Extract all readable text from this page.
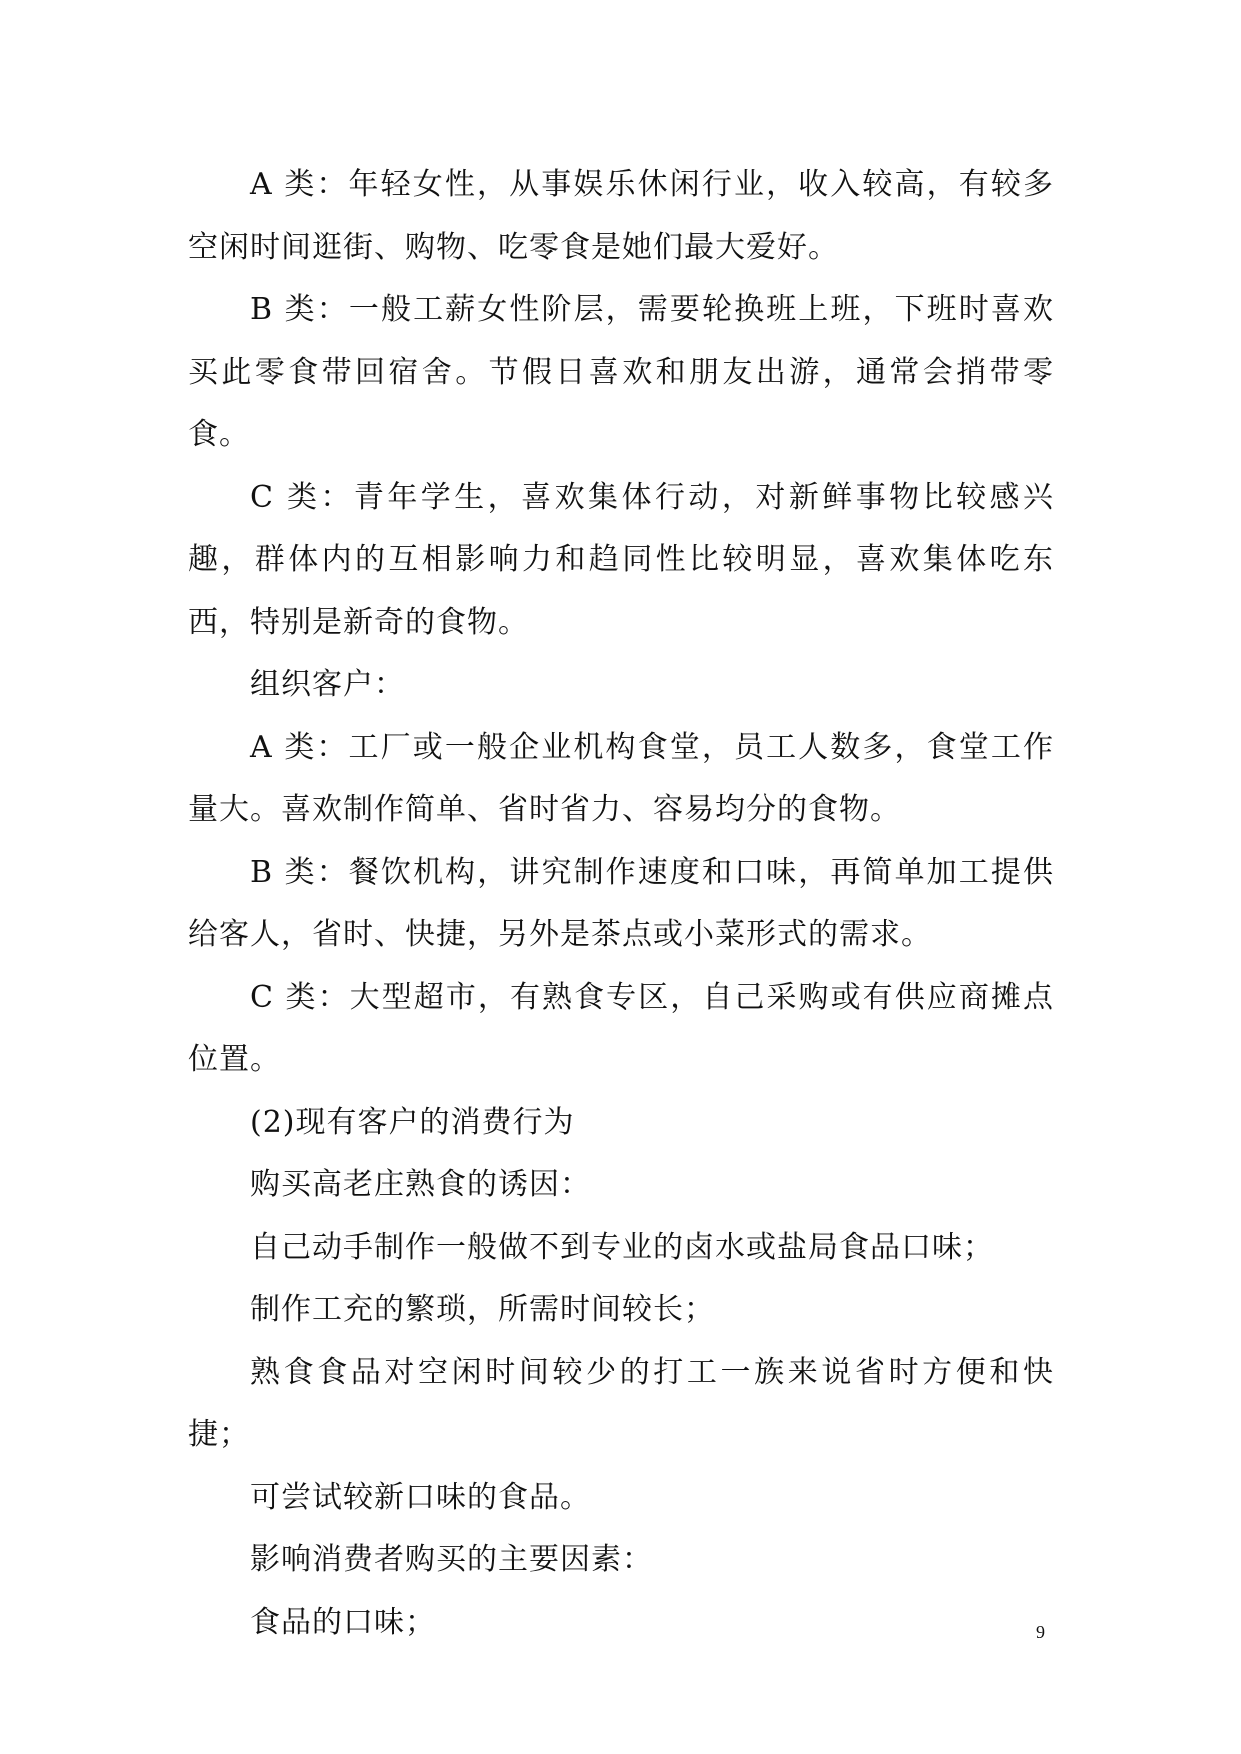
A 类：年轻女性，从事娱乐休闲行业，收入较高，有较多空闲时间逛街、购物、吃零食是她们最大爱好。

B 类：一般工薪女性阶层，需要轮换班上班，下班时喜欢买此零食带回宿舍。节假日喜欢和朋友出游，通常会捎带零食。

C 类：青年学生，喜欢集体行动，对新鲜事物比较感兴趣，群体内的互相影响力和趋同性比较明显，喜欢集体吃东西，特别是新奇的食物。

组织客户：

A 类：工厂或一般企业机构食堂，员工人数多，食堂工作量大。喜欢制作简单、省时省力、容易均分的食物。

B 类：餐饮机构，讲究制作速度和口味，再简单加工提供给客人，省时、快捷，另外是茶点或小菜形式的需求。

C 类：大型超市，有熟食专区，自己采购或有供应商摊点位置。

(2)现有客户的消费行为

购买高老庄熟食的诱因：

自己动手制作一般做不到专业的卤水或盐局食品口味；

制作工充的繁琐，所需时间较长；

熟食食品对空闲时间较少的打工一族来说省时方便和快捷；

可尝试较新口味的食品。

影响消费者购买的主要因素：

食品的口味；	9
